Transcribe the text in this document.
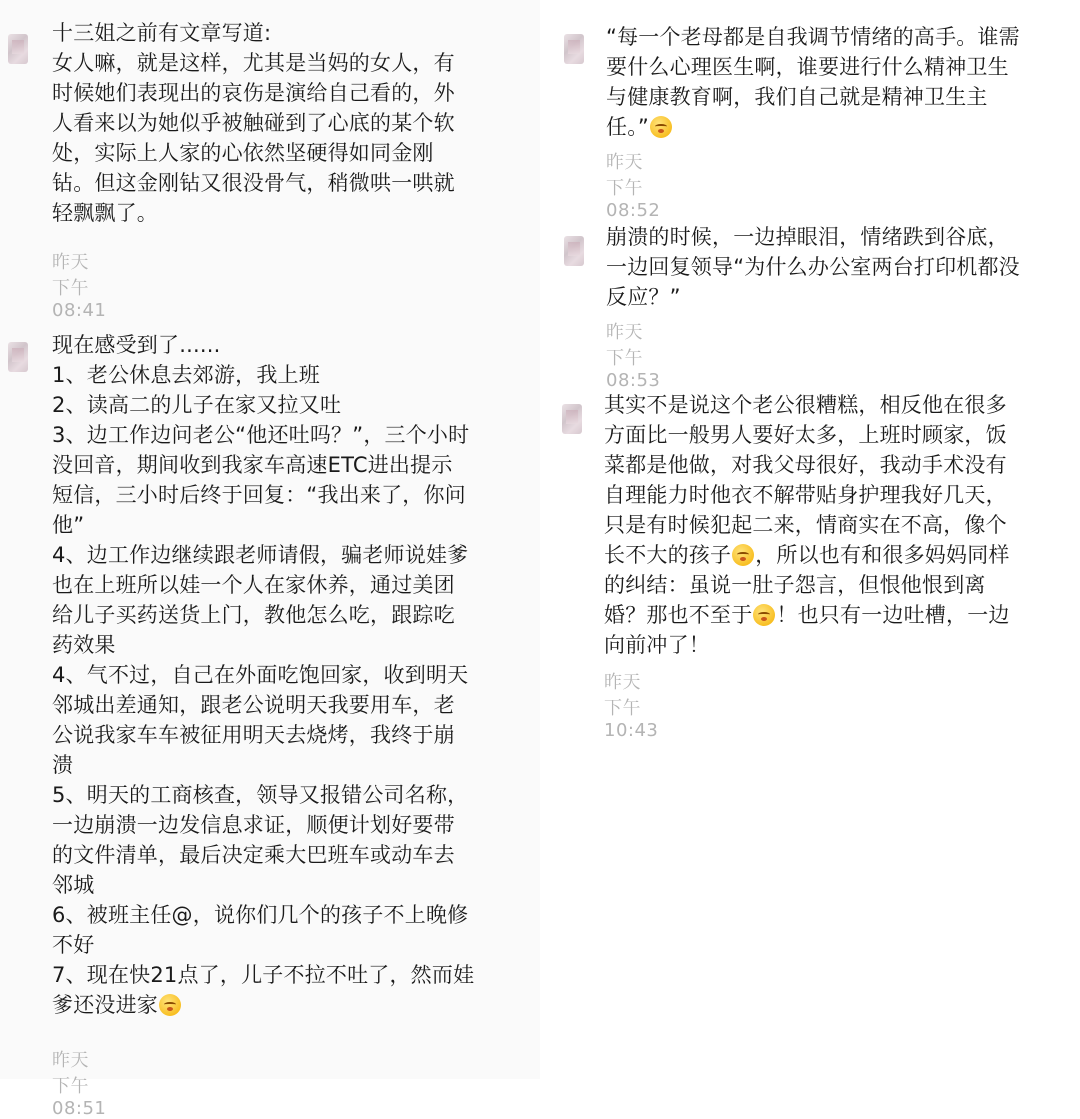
十三姐之前有文章写道:
女人嘛，就是这样，尤其是当妈的女人，有
时候她们表现出的哀伤是演给自己看的，外
人看来以为她似乎被触碰到了心底的某个软
处，实际上人家的心依然坚硬得如同金刚
钻。但这金刚钻又很没骨气，稍微哄一哄就
轻飘飘了。
昨天 下午 08:41
现在感受到了......
1、老公休息去郊游，我上班
2、读高二的儿子在家又拉又吐
3、边工作边问老公“他还吐吗？”，三个小时
没回音，期间收到我家车高速ETC进出提示
短信，三小时后终于回复：“我出来了，你问
他”
4、边工作边继续跟老师请假，骗老师说娃爹
也在上班所以娃一个人在家休养，通过美团
给儿子买药送货上门，教他怎么吃，跟踪吃
药效果
4、气不过，自己在外面吃饱回家，收到明天
邻城出差通知，跟老公说明天我要用车，老
公说我家车车被征用明天去烧烤，我终于崩
溃
5、明天的工商核查，领导又报错公司名称，
一边崩溃一边发信息求证，顺便计划好要带
的文件清单，最后决定乘大巴班车或动车去
邻城
6、被班主任@，说你们几个的孩子不上晚修
不好
7、现在快21点了，儿子不拉不吐了，然而娃
爹还没进家
昨天 下午 08:51
“每一个老母都是自我调节情绪的高手。谁需
要什么心理医生啊，谁要进行什么精神卫生
与健康教育啊，我们自己就是精神卫生主
任。”
昨天 下午 08:52
崩溃的时候，一边掉眼泪，情绪跌到谷底，
一边回复领导“为什么办公室两台打印机都没
反应？”
昨天 下午 08:53
其实不是说这个老公很糟糕，相反他在很多
方面比一般男人要好太多，上班时顾家，饭
菜都是他做，对我父母很好，我动手术没有
自理能力时他衣不解带贴身护理我好几天，
只是有时候犯起二来，情商实在不高，像个
长不大的孩子 ，所以也有和很多妈妈同样
的纠结：虽说一肚子怨言，但恨他恨到离
婚？那也不至于 ！也只有一边吐槽，一边
向前冲了！
昨天 下午 10:43
